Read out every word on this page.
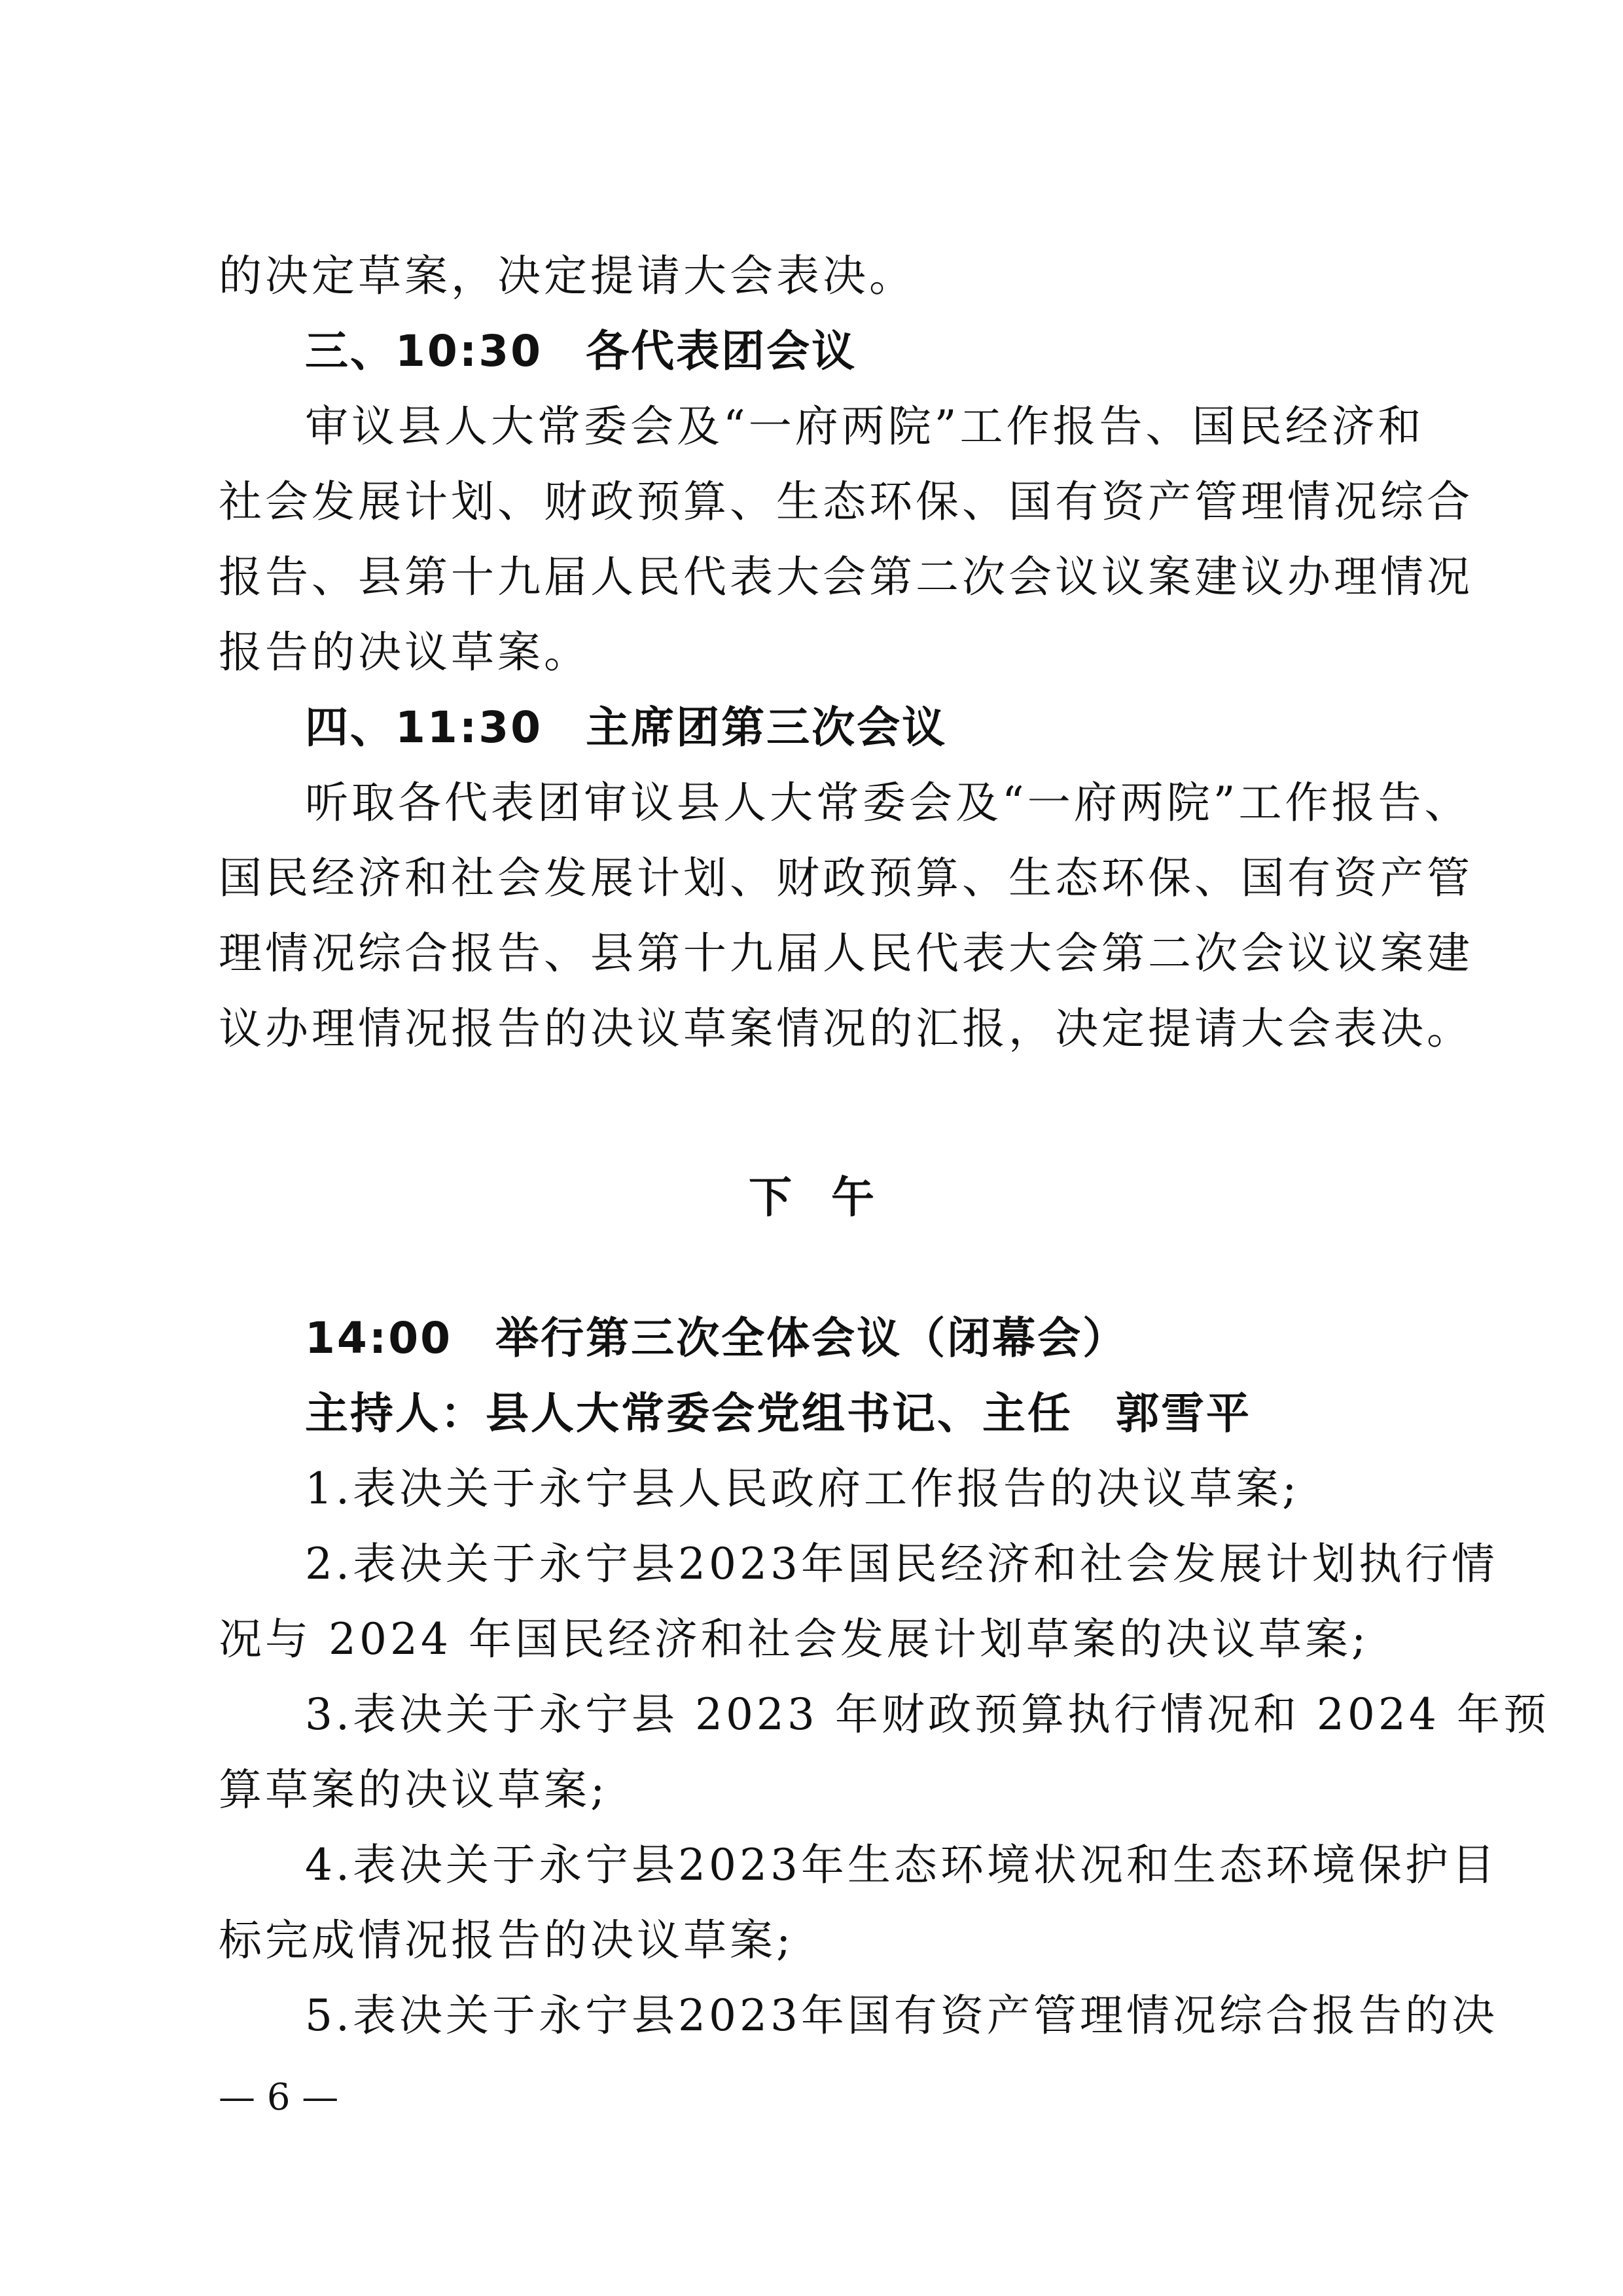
的决定草案，决定提请大会表决。
三、10:30 各代表团会议
审议县人大常委会及“一府两院”工作报告、国民经济和
社会发展计划、财政预算、生态环保、国有资产管理情况综合
报告、县第十九届人民代表大会第二次会议议案建议办理情况
报告的决议草案。
四、11:30 主席团第三次会议
听取各代表团审议县人大常委会及“一府两院”工作报告、
国民经济和社会发展计划、财政预算、生态环保、国有资产管
理情况综合报告、县第十九届人民代表大会第二次会议议案建
议办理情况报告的决议草案情况的汇报，决定提请大会表决。
下午
14:00 举行第三次全体会议（闭幕会）
主持人：县人大常委会党组书记、主任 郭雪平
1.表决关于永宁县人民政府工作报告的决议草案;
2.表决关于永宁县2023年国民经济和社会发展计划执行情
况与 2024 年国民经济和社会发展计划草案的决议草案;
3.表决关于永宁县 2023 年财政预算执行情况和 2024 年预
算草案的决议草案;
4.表决关于永宁县2023年生态环境状况和生态环境保护目
标完成情况报告的决议草案;
5.表决关于永宁县2023年国有资产管理情况综合报告的决
— 6 —
